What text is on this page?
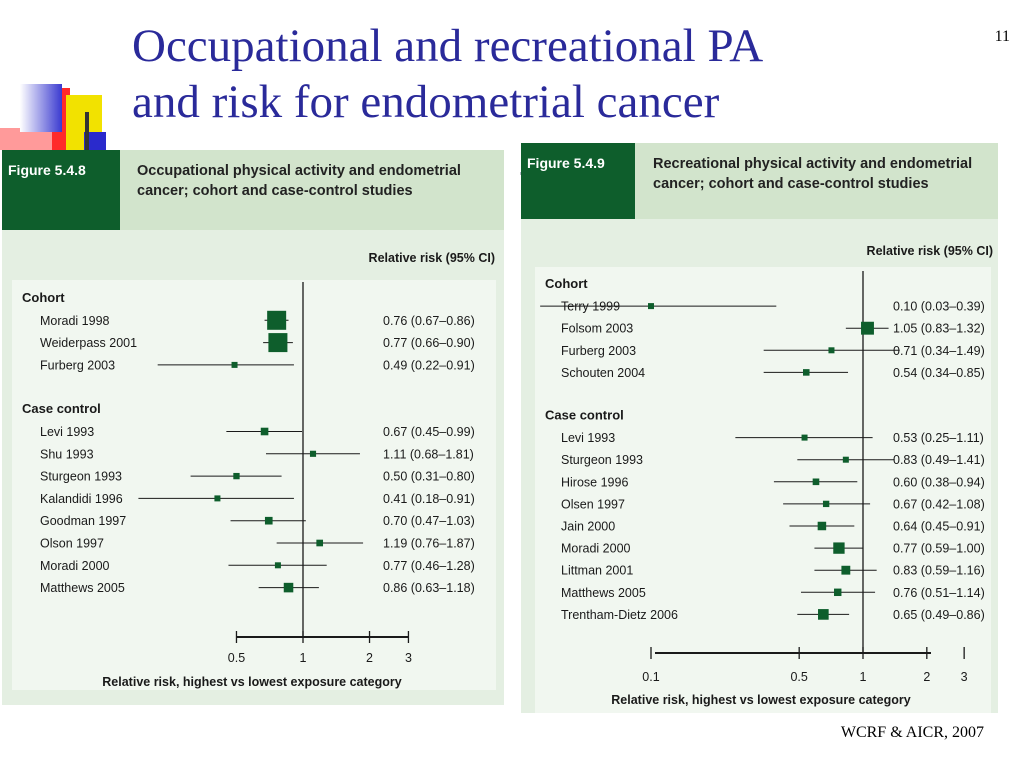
Occupational and recreational PA
and risk for endometrial cancer
11
WCRF & AICR, 2007
Figure 5.4.8	Occupational physical activity and endometrial cancer; cohort and case-control studies
Relative risk (95% CI)
Cohort
Case control
Moradi 1998	0.76 (0.67–0.86)
Weiderpass 2001	0.77 (0.66–0.90)
Furberg 2003	0.49 (0.22–0.91)
Levi 1993	0.67 (0.45–0.99)
Shu 1993	1.11 (0.68–1.81)
Sturgeon 1993	0.50 (0.31–0.80)
Kalandidi 1996	0.41 (0.18–0.91)
Goodman 1997	0.70 (0.47–1.03)
Olson 1997	1.19 (0.76–1.87)
Moradi 2000	0.77 (0.46–1.28)
Matthews 2005	0.86 (0.63–1.18)
0.5	1	2	3
Relative risk, highest vs lowest exposure category
Figure 5.4.9	Recreational physical activity and endometrial cancer; cohort and case-control studies
Relative risk (95% CI)
Cohort
Case control
Terry 1999	0.10 (0.03–0.39)
Folsom 2003	1.05 (0.83–1.32)
Furberg 2003	0.71 (0.34–1.49)
Schouten 2004	0.54 (0.34–0.85)
Levi 1993	0.53 (0.25–1.11)
Sturgeon 1993	0.83 (0.49–1.41)
Hirose 1996	0.60 (0.38–0.94)
Olsen 1997	0.67 (0.42–1.08)
Jain 2000	0.64 (0.45–0.91)
Moradi 2000	0.77 (0.59–1.00)
Littman 2001	0.83 (0.59–1.16)
Matthews 2005	0.76 (0.51–1.14)
Trentham-Dietz 2006	0.65 (0.49–0.86)
0.1	0.5	1	2 3
Relative risk, highest vs lowest exposure category
